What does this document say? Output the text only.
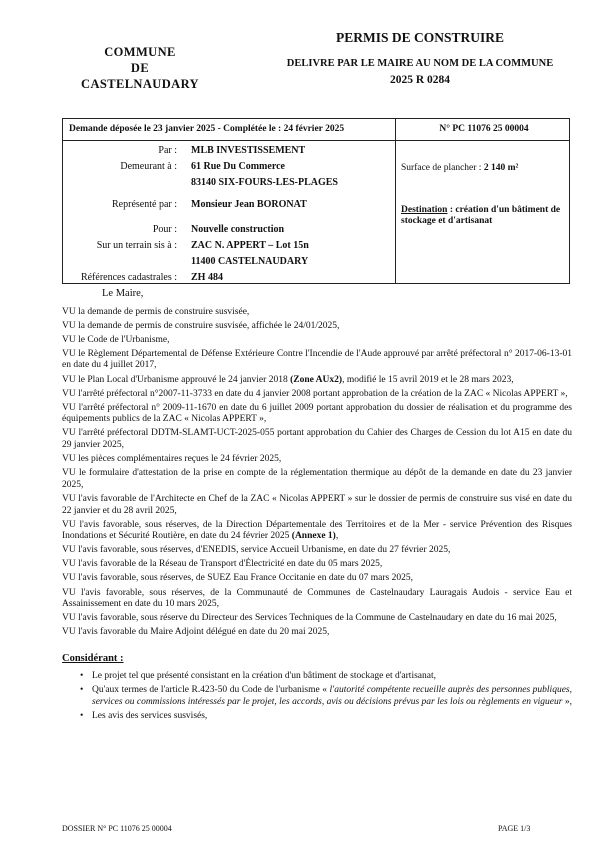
COMMUNE
DE
CASTELNAUDARY
PERMIS DE CONSTRUIRE
DELIVRE PAR LE MAIRE AU NOM DE LA COMMUNE
2025 R 0284
Demande déposée le 23 janvier 2025 - Complétée le : 24 février 2025	N° PC 11076 25 00004
Par : MLB INVESTISSEMENT
Demeurant à : 61 Rue Du Commerce
83140 SIX-FOURS-LES-PLAGES
Représenté par : Monsieur Jean BORONAT
Pour : Nouvelle construction
Sur un terrain sis à : ZAC N. APPERT – Lot 15n
11400 CASTELNAUDARY
Références cadastrales : ZH 484
Surface de plancher : 2 140 m²
Destination : création d'un bâtiment de stockage et d'artisanat
Le Maire,
VU la demande de permis de construire susvisée,
VU la demande de permis de construire susvisée, affichée le 24/01/2025,
VU le Code de l'Urbanisme,
VU le Règlement Départemental de Défense Extérieure Contre l'Incendie de l'Aude approuvé par arrêté préfectoral n° 2017-06-13-01 en date du 4 juillet 2017,
VU le Plan Local d'Urbanisme approuvé le 24 janvier 2018 (Zone AUx2), modifié le 15 avril 2019 et le 28 mars 2023,
VU l'arrêté préfectoral n°2007-11-3733 en date du 4 janvier 2008 portant approbation de la création de la ZAC « Nicolas APPERT »,
VU l'arrêté préfectoral n° 2009-11-1670 en date du 6 juillet 2009 portant approbation du dossier de réalisation et du programme des équipements publics de la ZAC « Nicolas APPERT »,
VU l'arrêté préfectoral DDTM-SLAMT-UCT-2025-055 portant approbation du Cahier des Charges de Cession du lot A15 en date du 29 janvier 2025,
VU les pièces complémentaires reçues le 24 février 2025,
VU le formulaire d'attestation de la prise en compte de la réglementation thermique au dépôt de la demande en date du 23 janvier 2025,
VU l'avis favorable de l'Architecte en Chef de la ZAC « Nicolas APPERT » sur le dossier de permis de construire sus visé en date du 22 janvier et du 28 avril 2025,
VU l'avis favorable, sous réserves, de la Direction Départementale des Territoires et de la Mer - service Prévention des Risques Inondations et Sécurité Routière, en date du 24 février 2025 (Annexe 1),
VU l'avis favorable, sous réserves, d'ENEDIS, service Accueil Urbanisme, en date du 27 février 2025,
VU l'avis favorable de la Réseau de Transport d'Électricité en date du 05 mars 2025,
VU l'avis favorable, sous réserves, de SUEZ Eau France Occitanie en date du 07 mars 2025,
VU l'avis favorable, sous réserves, de la Communauté de Communes de Castelnaudary Lauragais Audois - service Eau et Assainissement en date du 10 mars 2025,
VU l'avis favorable, sous réserve du Directeur des Services Techniques de la Commune de Castelnaudary en date du 16 mai 2025,
VU l'avis favorable du Maire Adjoint délégué en date du 20 mai 2025,
Considérant :
• Le projet tel que présenté consistant en la création d'un bâtiment de stockage et d'artisanat,
• Qu'aux termes de l'article R.423-50 du Code de l'urbanisme « l'autorité compétente recueille auprès des personnes publiques, services ou commissions intéressés par le projet, les accords, avis ou décisions prévus par les lois ou règlements en vigueur »,
• Les avis des services susvisés,
DOSSIER N° PC 11076 25 00004	PAGE 1/3
